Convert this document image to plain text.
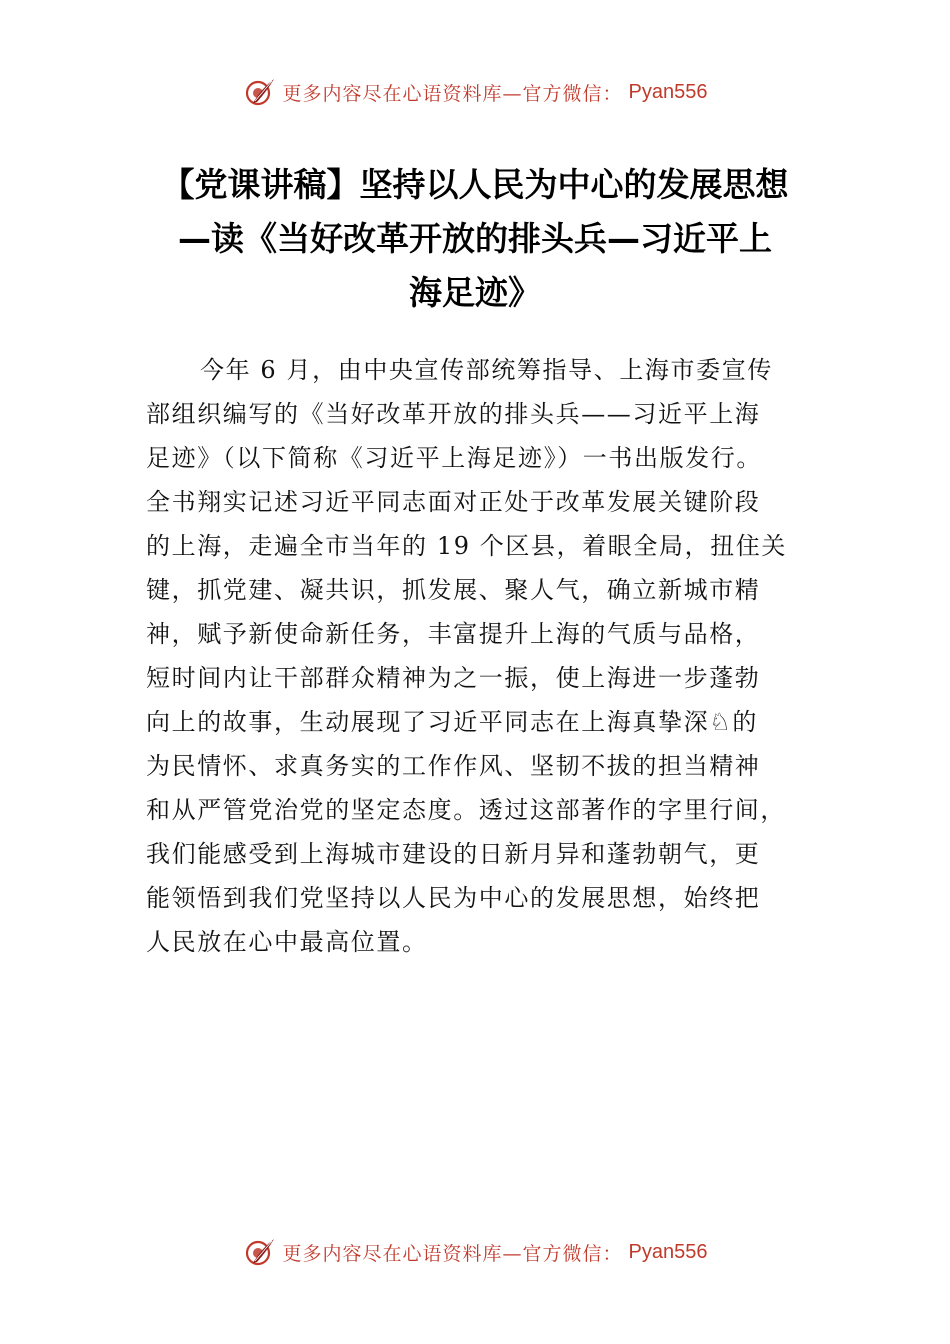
更多内容尽在心语资料库—官方微信： Pyan556
【党课讲稿】坚持以人民为中心的发展思想
—读《当好改革开放的排头兵—习近平上
海足迹》
今年 6 月，由中央宣传部统筹指导、上海市委宣传
部组织编写的《当好改革开放的排头兵——习近平上海
足迹》（以下简称《习近平上海足迹》）一书出版发行。
全书翔实记述习近平同志面对正处于改革发展关键阶段
的上海，走遍全市当年的 19 个区县，着眼全局，扭住关
键，抓党建、凝共识，抓发展、聚人气，确立新城市精
神，赋予新使命新任务，丰富提升上海的气质与品格，
短时间内让干部群众精神为之一振，使上海进一步蓬勃
向上的故事，生动展现了习近平同志在上海真挚深♘的
为民情怀、求真务实的工作作风、坚韧不拔的担当精神
和从严管党治党的坚定态度。透过这部著作的字里行间，
我们能感受到上海城市建设的日新月异和蓬勃朝气，更
能领悟到我们党坚持以人民为中心的发展思想，始终把
人民放在心中最高位置。
更多内容尽在心语资料库—官方微信： Pyan556
